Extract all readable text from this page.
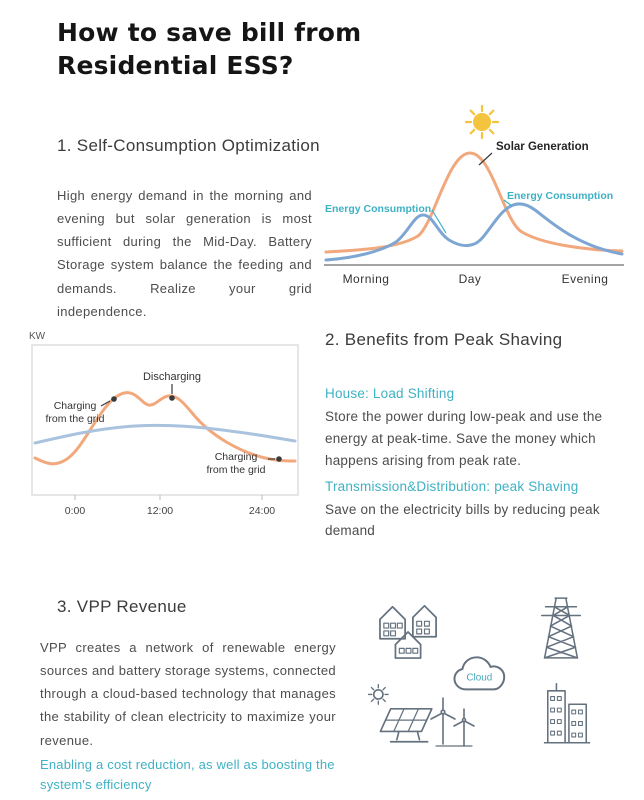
How to save bill from Residential ESS?
1. Self-Consumption Optimization
High energy demand in the morning and evening but solar generation is most sufficient during the Mid-Day. Battery Storage system balance the feeding and demands. Realize your grid independence.
Solar Generation
Energy Consumption
Energy Consumption
Morning	Day	Evening
KW
Discharging
Charging
from the grid
Charging
from the grid
0:00	12:00	24:00
2. Benefits from Peak Shaving

House: Load Shifting

Store the power during low-peak and use the energy at peak-time. Save the money which happens arising from peak rate.

Transmission&Distribution: peak Shaving

Save on the electricity bills by reducing peak demand

3. VPP Revenue

VPP creates a network of renewable energy sources and battery storage systems, connected through a cloud-based technology that manages the stability of clean electricity to maximize your revenue.

Enabling a cost reduction, as well as boosting the system's efficiency
Cloud
